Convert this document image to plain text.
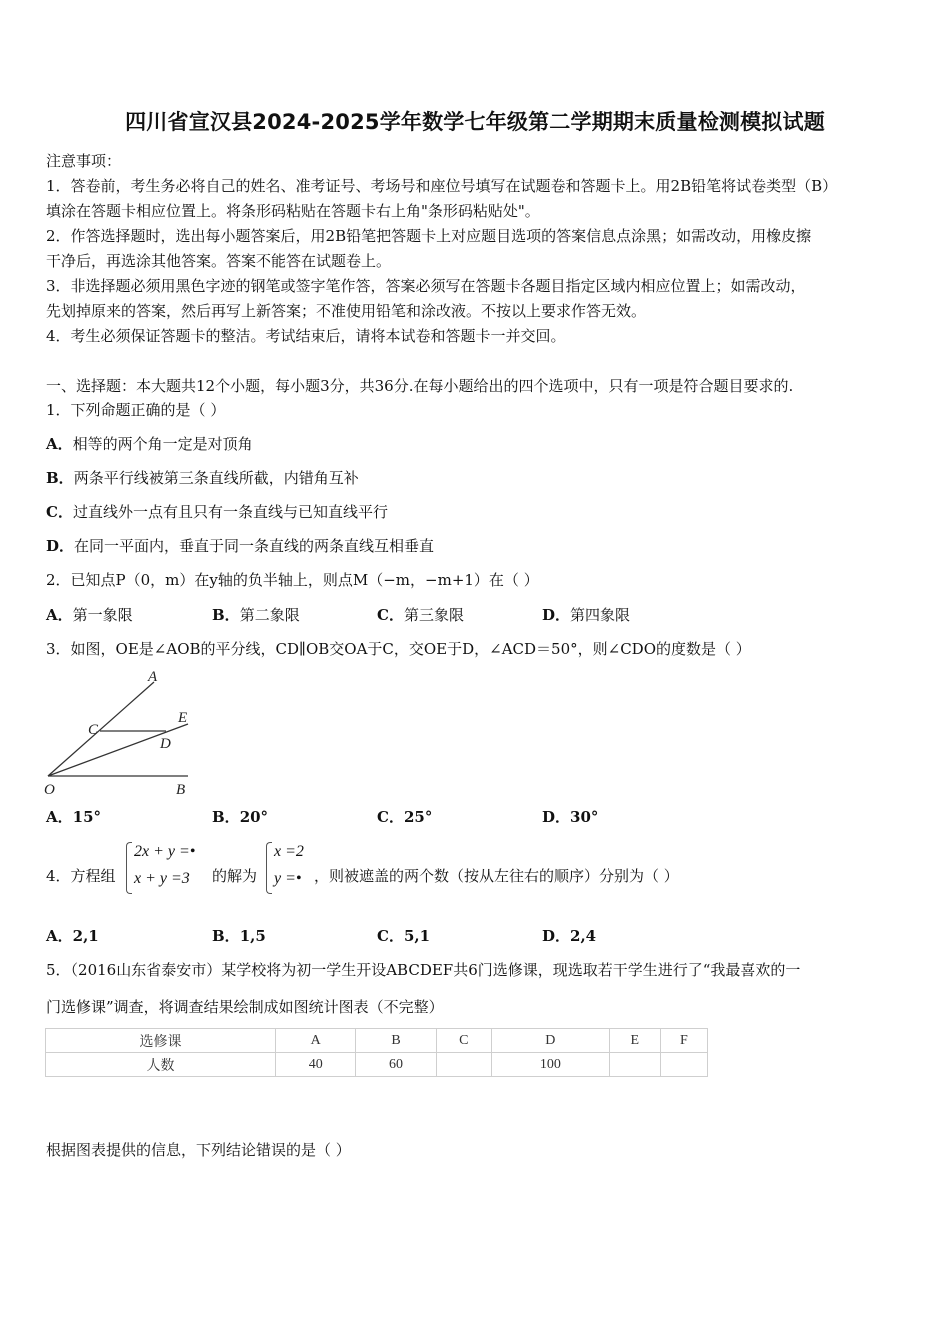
四川省宣汉县2024-2025学年数学七年级第二学期期末质量检测模拟试题
注意事项：
1．答卷前，考生务必将自己的姓名、准考证号、考场号和座位号填写在试题卷和答题卡上。用2B铅笔将试卷类型（B）
填涂在答题卡相应位置上。将条形码粘贴在答题卡右上角"条形码粘贴处"。
2．作答选择题时，选出每小题答案后，用2B铅笔把答题卡上对应题目选项的答案信息点涂黑；如需改动，用橡皮擦
干净后，再选涂其他答案。答案不能答在试题卷上。
3．非选择题必须用黑色字迹的钢笔或签字笔作答，答案必须写在答题卡各题目指定区域内相应位置上；如需改动，
先划掉原来的答案，然后再写上新答案；不准使用铅笔和涂改液。不按以上要求作答无效。
4．考生必须保证答题卡的整洁。考试结束后，请将本试卷和答题卡一并交回。
一、选择题：本大题共12个小题，每小题3分，共36分.在每小题给出的四个选项中，只有一项是符合题目要求的.
1．下列命题正确的是（ ）
A．相等的两个角一定是对顶角
B．两条平行线被第三条直线所截，内错角互补
C．过直线外一点有且只有一条直线与已知直线平行
D．在同一平面内，垂直于同一条直线的两条直线互相垂直
2．已知点P（0，m）在y轴的负半轴上，则点M（−m，−m+1）在（ ）
A．第一象限	B．第二象限	C．第三象限	D．第四象限
3．如图，OE是∠AOB的平分线，CD∥OB交OA于C，交OE于D，∠ACD＝50°，则∠CDO的度数是（ ）
A
E
C
D
O	B
A．15°	B．20°	C．25°	D．30°
4．方程组
2x + y =•
x + y =3 的解为
x =2
y =• ，则被遮盖的两个数（按从左往右的顺序）分别为（ ）
A．2,1	B．1,5	C．5,1	D．2,4
5．（2016山东省泰安市）某学校将为初一学生开设ABCDEF共6门选修课，现选取若干学生进行了“我最喜欢的一
门选修课”调查，将调查结果绘制成如图统计图表（不完整）
选修课	A	B	C	D	E	F
人数	40	60		100		
根据图表提供的信息，下列结论错误的是（ ）
